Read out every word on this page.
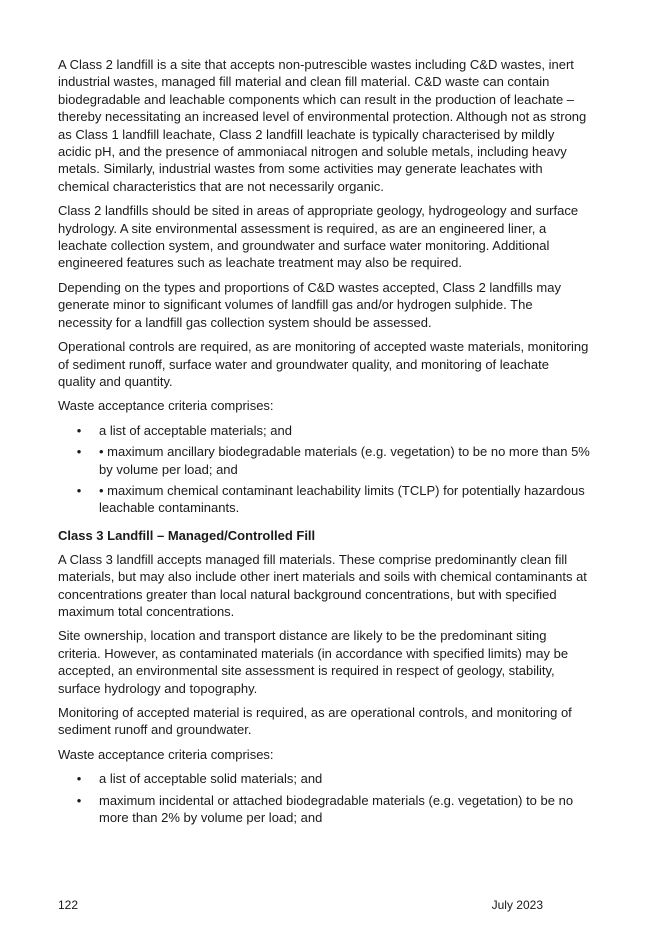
A Class 2 landfill is a site that accepts non-putrescible wastes including C&D wastes, inert industrial wastes, managed fill material and clean fill material. C&D waste can contain biodegradable and leachable components which can result in the production of leachate – thereby necessitating an increased level of environmental protection. Although not as strong as Class 1 landfill leachate, Class 2 landfill leachate is typically characterised by mildly acidic pH, and the presence of ammoniacal nitrogen and soluble metals, including heavy metals. Similarly, industrial wastes from some activities may generate leachates with chemical characteristics that are not necessarily organic.

Class 2 landfills should be sited in areas of appropriate geology, hydrogeology and surface hydrology. A site environmental assessment is required, as are an engineered liner, a leachate collection system, and groundwater and surface water monitoring. Additional engineered features such as leachate treatment may also be required.

Depending on the types and proportions of C&D wastes accepted, Class 2 landfills may generate minor to significant volumes of landfill gas and/or hydrogen sulphide. The necessity for a landfill gas collection system should be assessed.

Operational controls are required, as are monitoring of accepted waste materials, monitoring of sediment runoff, surface water and groundwater quality, and monitoring of leachate quality and quantity.

Waste acceptance criteria comprises:

• a list of acceptable materials; and
• • maximum ancillary biodegradable materials (e.g. vegetation) to be no more than 5% by volume per load; and
• • maximum chemical contaminant leachability limits (TCLP) for potentially hazardous leachable contaminants.
Class 3 Landfill – Managed/Controlled Fill

A Class 3 landfill accepts managed fill materials. These comprise predominantly clean fill materials, but may also include other inert materials and soils with chemical contaminants at concentrations greater than local natural background concentrations, but with specified maximum total concentrations.

Site ownership, location and transport distance are likely to be the predominant siting criteria. However, as contaminated materials (in accordance with specified limits) may be accepted, an environmental site assessment is required in respect of geology, stability, surface hydrology and topography.

Monitoring of accepted material is required, as are operational controls, and monitoring of sediment runoff and groundwater.

Waste acceptance criteria comprises:

• a list of acceptable solid materials; and
• maximum incidental or attached biodegradable materials (e.g. vegetation) to be no more than 2% by volume per load; and
122	July 2023
